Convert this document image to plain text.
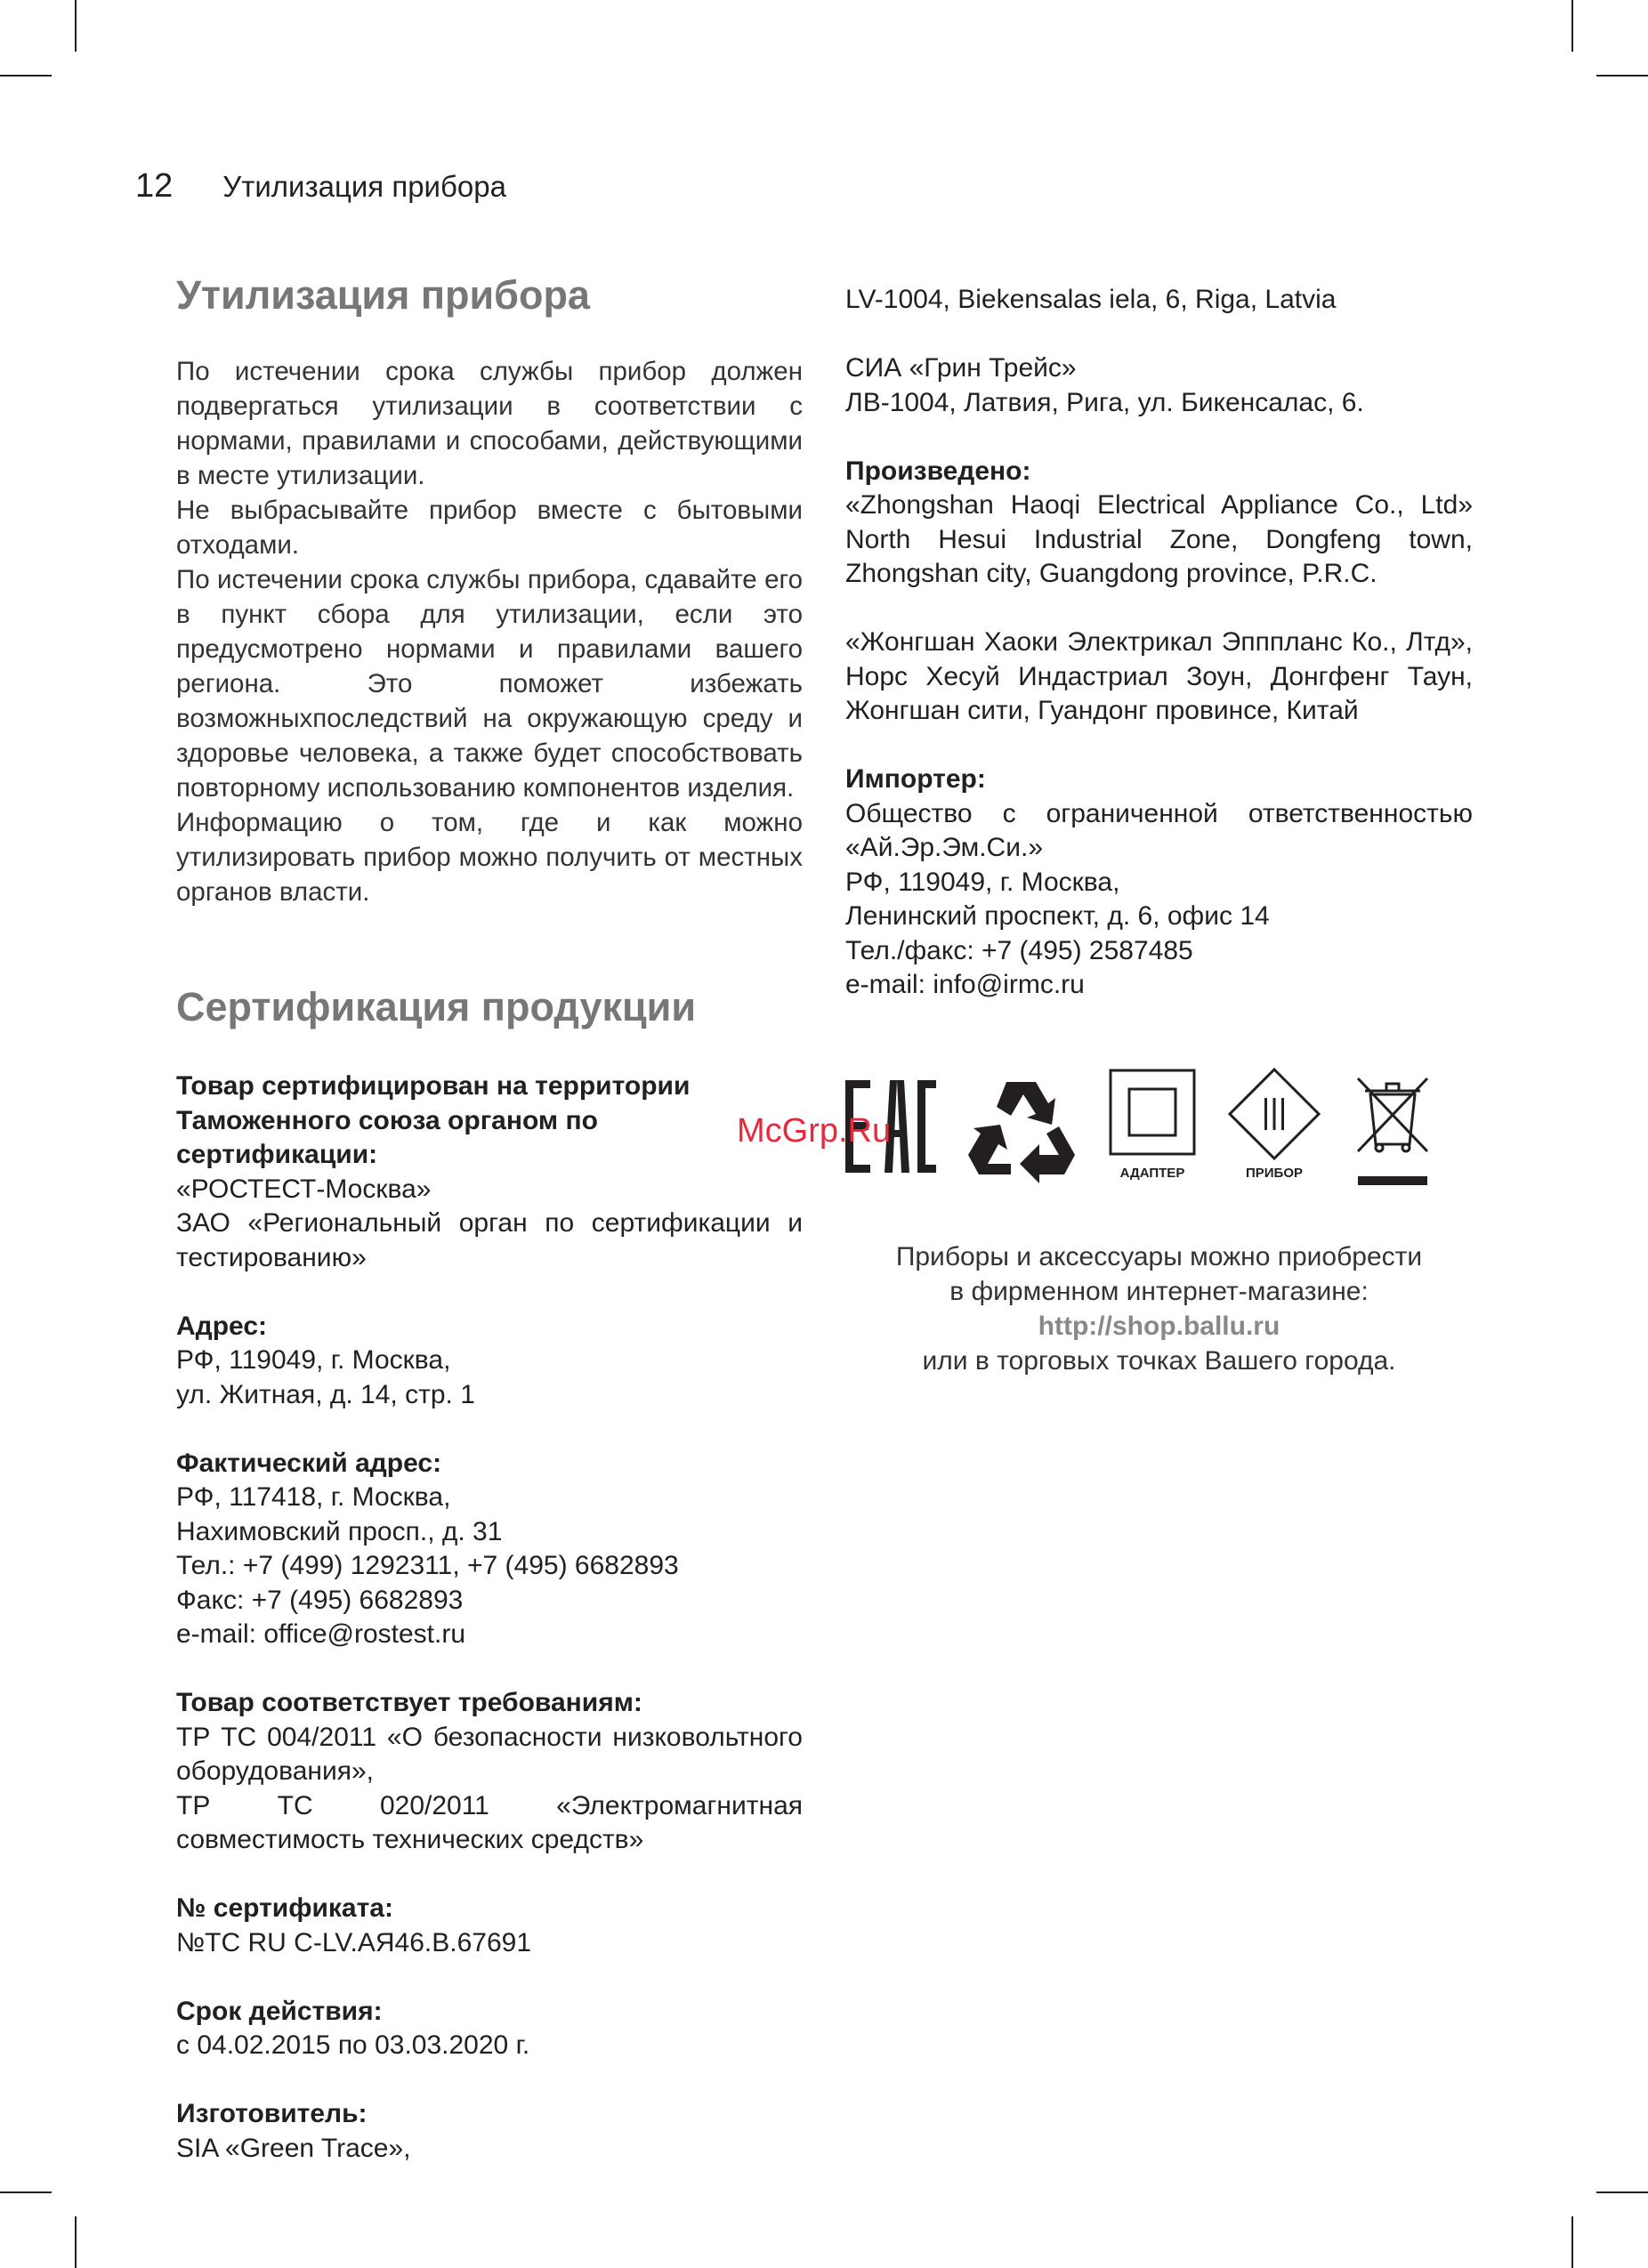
12 Утилизация прибора
Утилизация прибора

По истечении срока службы прибор должен подвергаться утилизации в соответствии с нормами, правилами и способами, действующими в месте утилизации.

Не выбрасывайте прибор вместе с бытовыми отходами.

По истечении срока службы прибора, сдавайте его в пункт сбора для утилизации, если это предусмотрено нормами и правилами вашего региона. Это поможет избежать возможныхпоследствий на окружающую среду и здоровье человека, а также будет способствовать повторному использованию компонентов изделия.

Информацию о том, где и как можно утилизировать прибор можно получить от местных органов власти.

Сертификация продукции

Товар сертифицирован на территории Таможенного союза органом по сертификации:

«РОСТЕСТ-Москва»

ЗАО «Региональный орган по сертификации и тестированию»

Адрес:

РФ, 119049, г. Москва,

ул. Житная, д. 14, стр. 1

Фактический адрес:

РФ, 117418, г. Москва,

Нахимовский просп., д. 31

Тел.: +7 (499) 1292311, +7 (495) 6682893

Факс: +7 (495) 6682893

e-mail: office@rostest.ru

Товар соответствует требованиям:

ТР ТС 004/2011 «О безопасности низковольтного оборудования»,

ТР ТС 020/2011 «Электромагнитная совместимость технических средств»

№ сертификата:

№ТС RU C-LV.АЯ46.В.67691

Срок действия:

с 04.02.2015 по 03.03.2020 г.

Изготовитель:

SIA «Green Trace»,

LV-1004, Biekensalas iela, 6, Riga, Latvia

СИА «Грин Трейс»

ЛВ-1004, Латвия, Рига, ул. Бикенсалас, 6.

Произведено:

«Zhongshan Haoqi Electrical Appliance Co., Ltd» North Hesui Industrial Zone, Dongfeng town, Zhongshan city, Guangdong province, P.R.C.

«Жонгшан Хаоки Электрикал Эпппланс Ко., Лтд», Норс Хесуй Индастриал Зоун, Донгфенг Таун, Жонгшан сити, Гуандонг провинсе, Китай

Импортер:

Общество с ограниченной ответственностью «Ай.Эр.Эм.Си.»

РФ, 119049, г. Москва,

Ленинский проспект, д. 6, офис 14

Тел./факс: +7 (495) 2587485

e-mail: info@irmc.ru

АДАПТЕР	ПРИБОР
McGrp.Ru
Приборы и аксессуары можно приобрести
в фирменном интернет-магазине:
http://shop.ballu.ru
или в торговых точках Вашего города.
